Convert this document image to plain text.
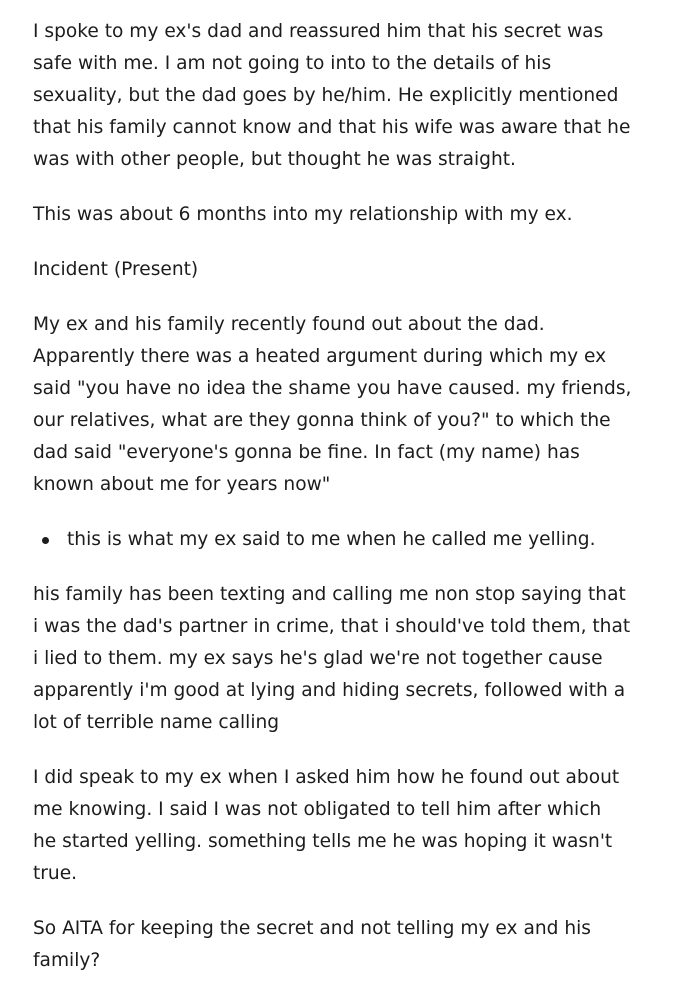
I spoke to my ex's dad and reassured him that his secret was
safe with me. I am not going to into to the details of his
sexuality, but the dad goes by he/him. He explicitly mentioned
that his family cannot know and that his wife was aware that he
was with other people, but thought he was straight.

This was about 6 months into my relationship with my ex.

Incident (Present)

My ex and his family recently found out about the dad.
Apparently there was a heated argument during which my ex
said "you have no idea the shame you have caused. my friends,
our relatives, what are they gonna think of you?" to which the
dad said "everyone's gonna be fine. In fact (my name) has
known about me for years now"

this is what my ex said to me when he called me yelling.

his family has been texting and calling me non stop saying that
i was the dad's partner in crime, that i should've told them, that
i lied to them. my ex says he's glad we're not together cause
apparently i'm good at lying and hiding secrets, followed with a
lot of terrible name calling

I did speak to my ex when I asked him how he found out about
me knowing. I said I was not obligated to tell him after which
he started yelling. something tells me he was hoping it wasn't
true.

So AITA for keeping the secret and not telling my ex and his
family?
